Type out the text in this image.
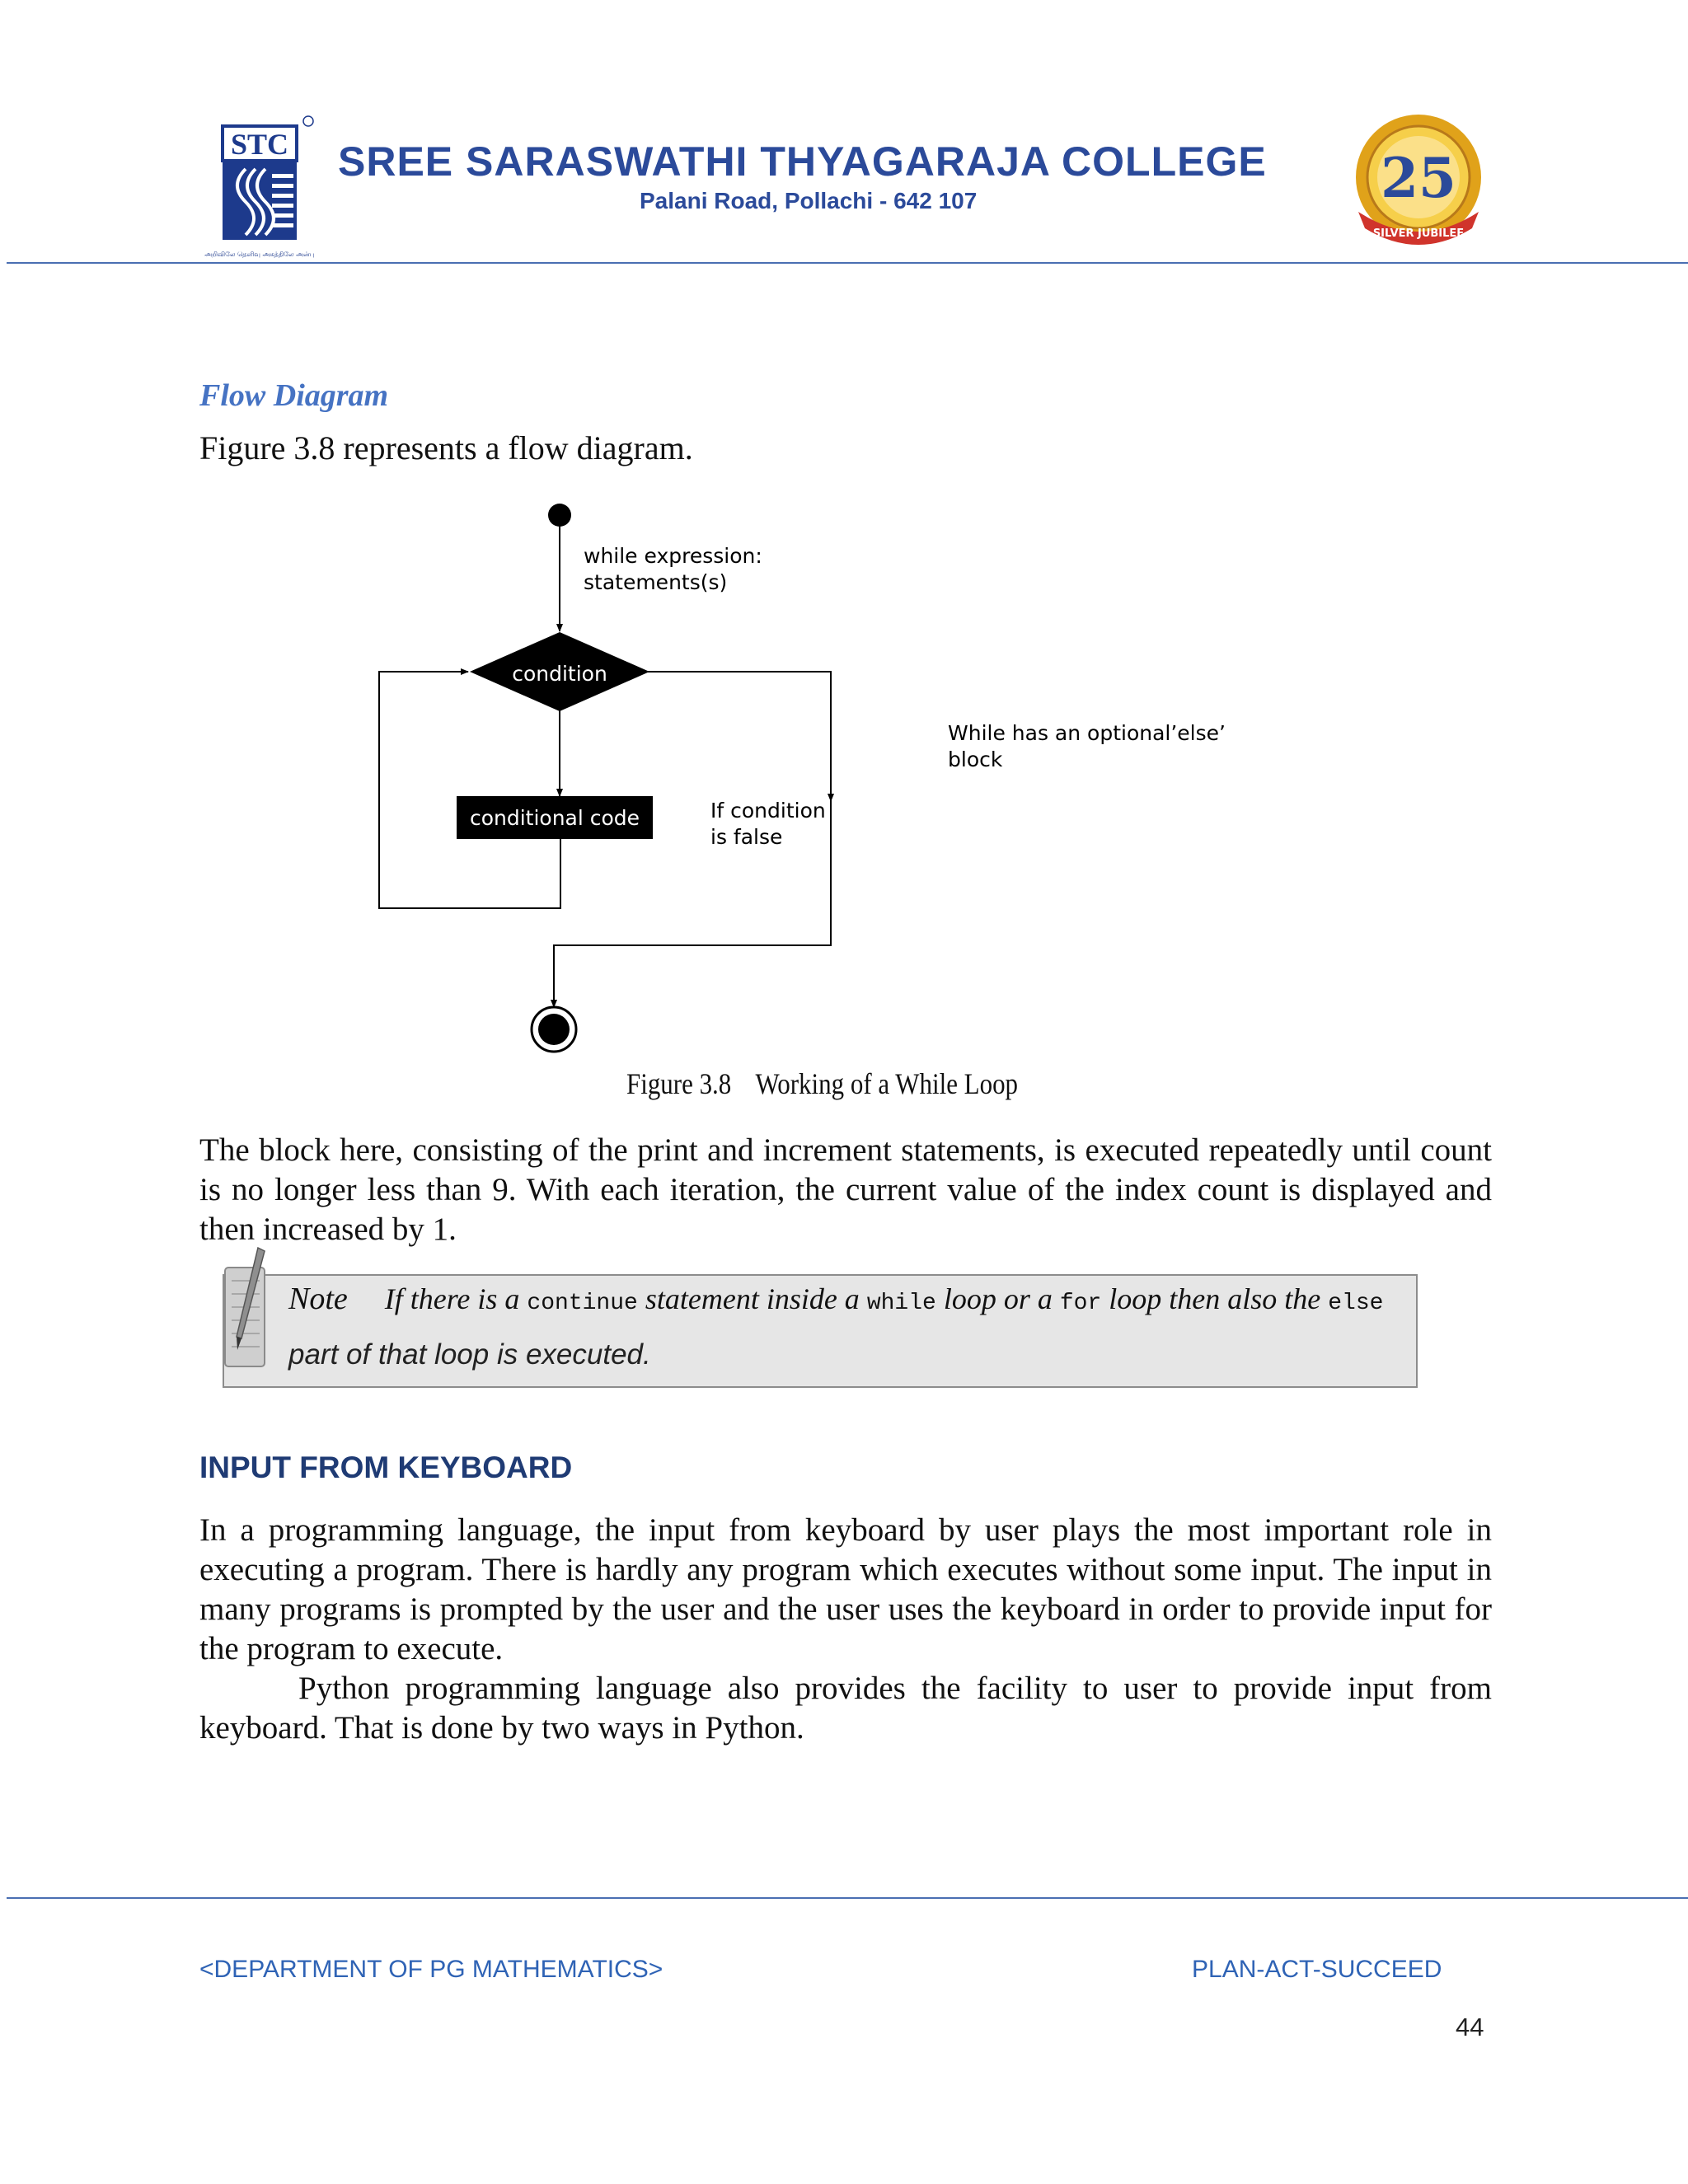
STC
அறிவிலே தெளிவு அகத்திலே அன்பு
SREE SARASWATHI THYAGARAJA COLLEGE
Palani Road, Pollachi - 642 107	25
SILVER JUBILEE
Flow Diagram
Figure 3.8 represents a flow diagram.
condition
conditional code
while expression:
statements(s)
If condition
is false
While has an optional’else’
block
Figure 3.8 Working of a While Loop
The block here, consisting of the print and increment statements, is executed repeatedly until count is no longer less than 9. With each iteration, the current value of the index count is displayed and then increased by 1.
Note If there is a continue statement inside a while loop or a for loop then also the else
part of that loop is executed.
INPUT FROM KEYBOARD
In a programming language, the input from keyboard by user plays the most important role in executing a program. There is hardly any program which executes without some input. The input in many programs is prompted by the user and the user uses the keyboard in order to provide input for the program to execute.
Python programming language also provides the facility to user to provide input from keyboard. That is done by two ways in Python.
<DEPARTMENT OF PG MATHEMATICS>	PLAN-ACT-SUCCEED
44
